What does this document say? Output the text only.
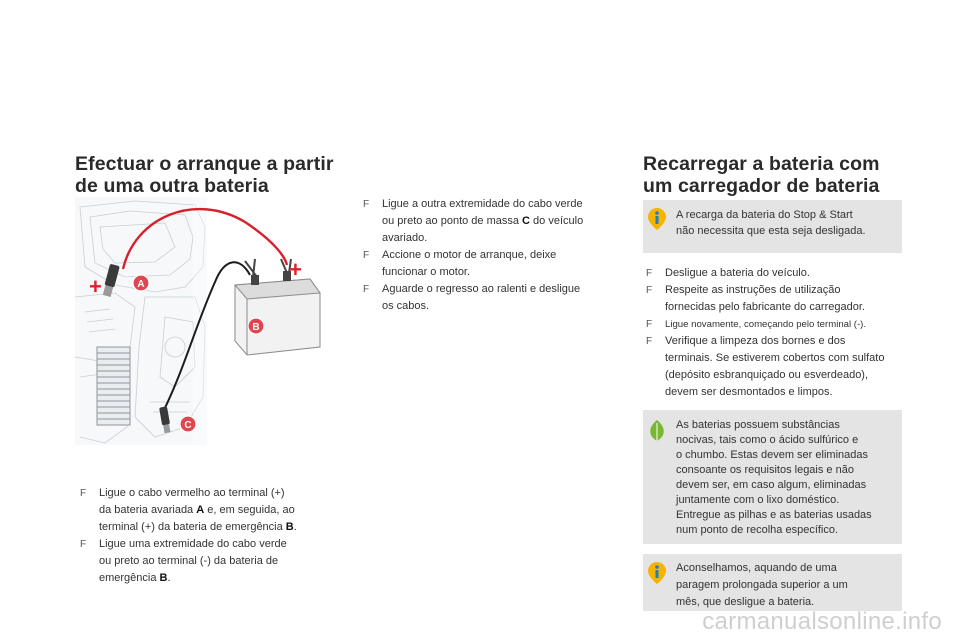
Efectuar o arranque a partir
de uma outra bateria
+
+
A
B
C
F Ligue o cabo vermelho ao terminal (+)
da bateria avariada A e, em seguida, ao
terminal (+) da bateria de emergência B.
F Ligue uma extremidade do cabo verde
ou preto ao terminal (-) da bateria de
emergência B.
F Ligue a outra extremidade do cabo verde
ou preto ao ponto de massa C do veículo
avariado.
F Accione o motor de arranque, deixe
funcionar o motor.
F Aguarde o regresso ao ralenti e desligue
os cabos.
Recarregar a bateria com
um carregador de bateria
A recarga da bateria do Stop & Start
não necessita que esta seja desligada.
F Desligue a bateria do veículo.
F Respeite as instruções de utilização
fornecidas pelo fabricante do carregador.
F Ligue novamente, começando pelo terminal (-).
F Verifique a limpeza dos bornes e dos
terminais. Se estiverem cobertos com sulfato
(depósito esbranquiçado ou esverdeado),
devem ser desmontados e limpos.
As baterias possuem substâncias
nocivas, tais como o ácido sulfúrico e
o chumbo. Estas devem ser eliminadas
consoante os requisitos legais e não
devem ser, em caso algum, eliminadas
juntamente com o lixo doméstico.
Entregue as pilhas e as baterias usadas
num ponto de recolha específico.
Aconselhamos, aquando de uma
paragem prolongada superior a um
mês, que desligue a bateria.
carmanualsonline.info
